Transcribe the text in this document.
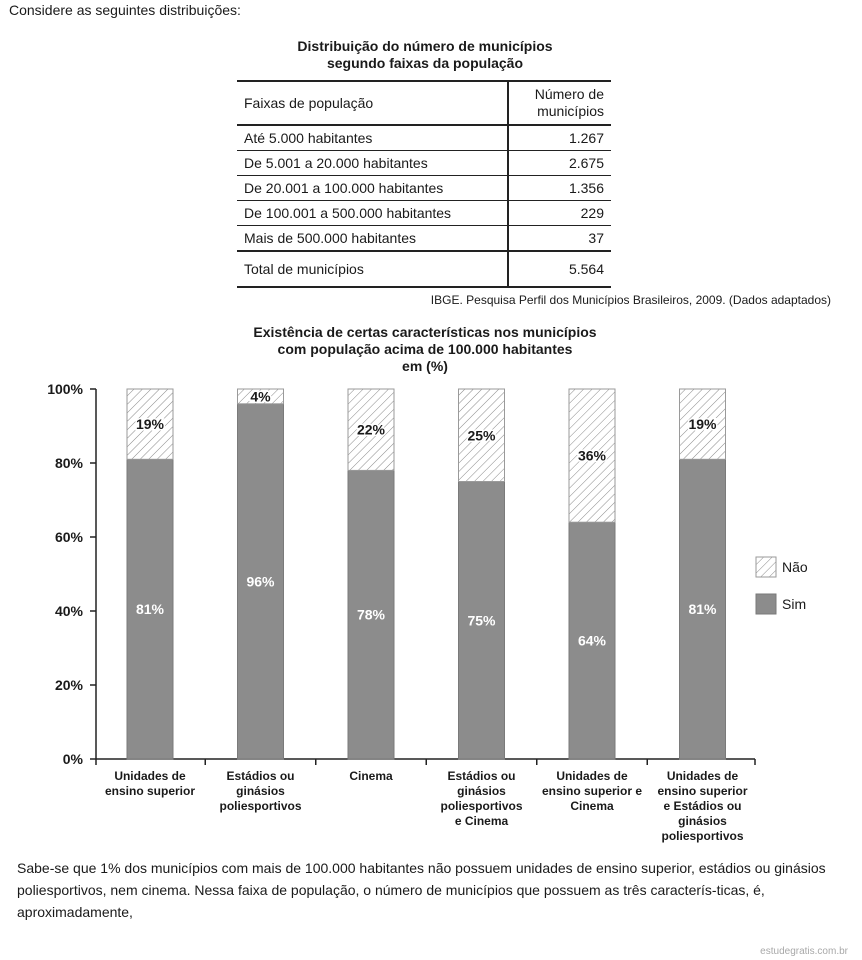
Considere as seguintes distribuições:
Distribuição do número de municípios
segundo faixas da população
Faixas de população	Número de
municípios

Até 5.000 habitantes	1.267
De 5.001 a 20.000 habitantes	2.675
De 20.001 a 100.000 habitantes	1.356
De 100.001 a 500.000 habitantes	229
Mais de 500.000 habitantes	37
Total de municípios	5.564
IBGE. Pesquisa Perfil dos Municípios Brasileiros, 2009. (Dados adaptados)
Existência de certas características nos municípios
com população acima de 100.000 habitantes
em (%)
0%
20%
40%
60%
80%
100%
81%
19%
Unidades de
ensino superior
96%
4%
Estádios ou
ginásios
poliesportivos
78%
22%
Cinema
75%
25%
Estádios ou
ginásios
poliesportivos
e Cinema
64%
36%
Unidades de
ensino superior e
Cinema
81%
19%
Unidades de
ensino superior
e Estádios ou
ginásios
poliesportivos
Não
Sim
Sabe-se que 1% dos municípios com mais de 100.000 habitantes não possuem unidades de ensino superior, estádios ou ginásios poliesportivos, nem cinema. Nessa faixa de população, o número de municípios que possuem as três caracterís-ticas, é, aproximadamente,
estudegratis.com.br
